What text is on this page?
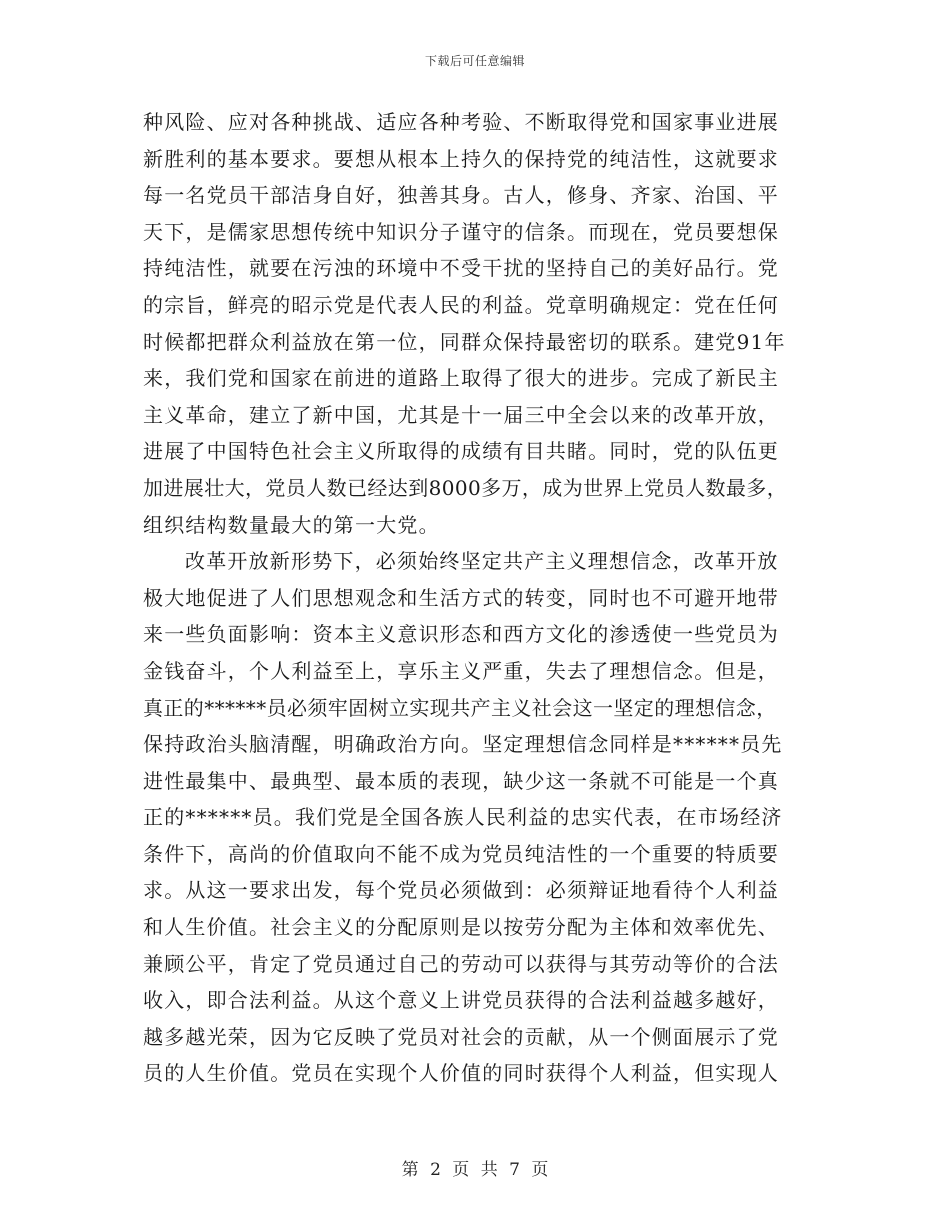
下载后可任意编辑
种风险、应对各种挑战、适应各种考验、不断取得党和国家事业进展
新胜利的基本要求。要想从根本上持久的保持党的纯洁性，这就要求
每一名党员干部洁身自好，独善其身。古人，修身、齐家、治国、平
天下，是儒家思想传统中知识分子谨守的信条。而现在，党员要想保
持纯洁性，就要在污浊的环境中不受干扰的坚持自己的美好品行。党
的宗旨，鲜亮的昭示党是代表人民的利益。党章明确规定：党在任何
时候都把群众利益放在第一位，同群众保持最密切的联系。建党91年
来，我们党和国家在前进的道路上取得了很大的进步。完成了新民主
主义革命，建立了新中国，尤其是十一届三中全会以来的改革开放，
进展了中国特色社会主义所取得的成绩有目共睹。同时，党的队伍更
加进展壮大，党员人数已经达到8000多万，成为世界上党员人数最多，
组织结构数量最大的第一大党。
改革开放新形势下，必须始终坚定共产主义理想信念，改革开放
极大地促进了人们思想观念和生活方式的转变，同时也不可避开地带
来一些负面影响：资本主义意识形态和西方文化的渗透使一些党员为
金钱奋斗，个人利益至上，享乐主义严重，失去了理想信念。但是，
真正的******员必须牢固树立实现共产主义社会这一坚定的理想信念，
保持政治头脑清醒，明确政治方向。坚定理想信念同样是******员先
进性最集中、最典型、最本质的表现，缺少这一条就不可能是一个真
正的******员。我们党是全国各族人民利益的忠实代表，在市场经济
条件下，高尚的价值取向不能不成为党员纯洁性的一个重要的特质要
求。从这一要求出发，每个党员必须做到：必须辩证地看待个人利益
和人生价值。社会主义的分配原则是以按劳分配为主体和效率优先、
兼顾公平，肯定了党员通过自己的劳动可以获得与其劳动等价的合法
收入，即合法利益。从这个意义上讲党员获得的合法利益越多越好，
越多越光荣，因为它反映了党员对社会的贡献，从一个侧面展示了党
员的人生价值。党员在实现个人价值的同时获得个人利益，但实现人
第 2 页 共 7 页
